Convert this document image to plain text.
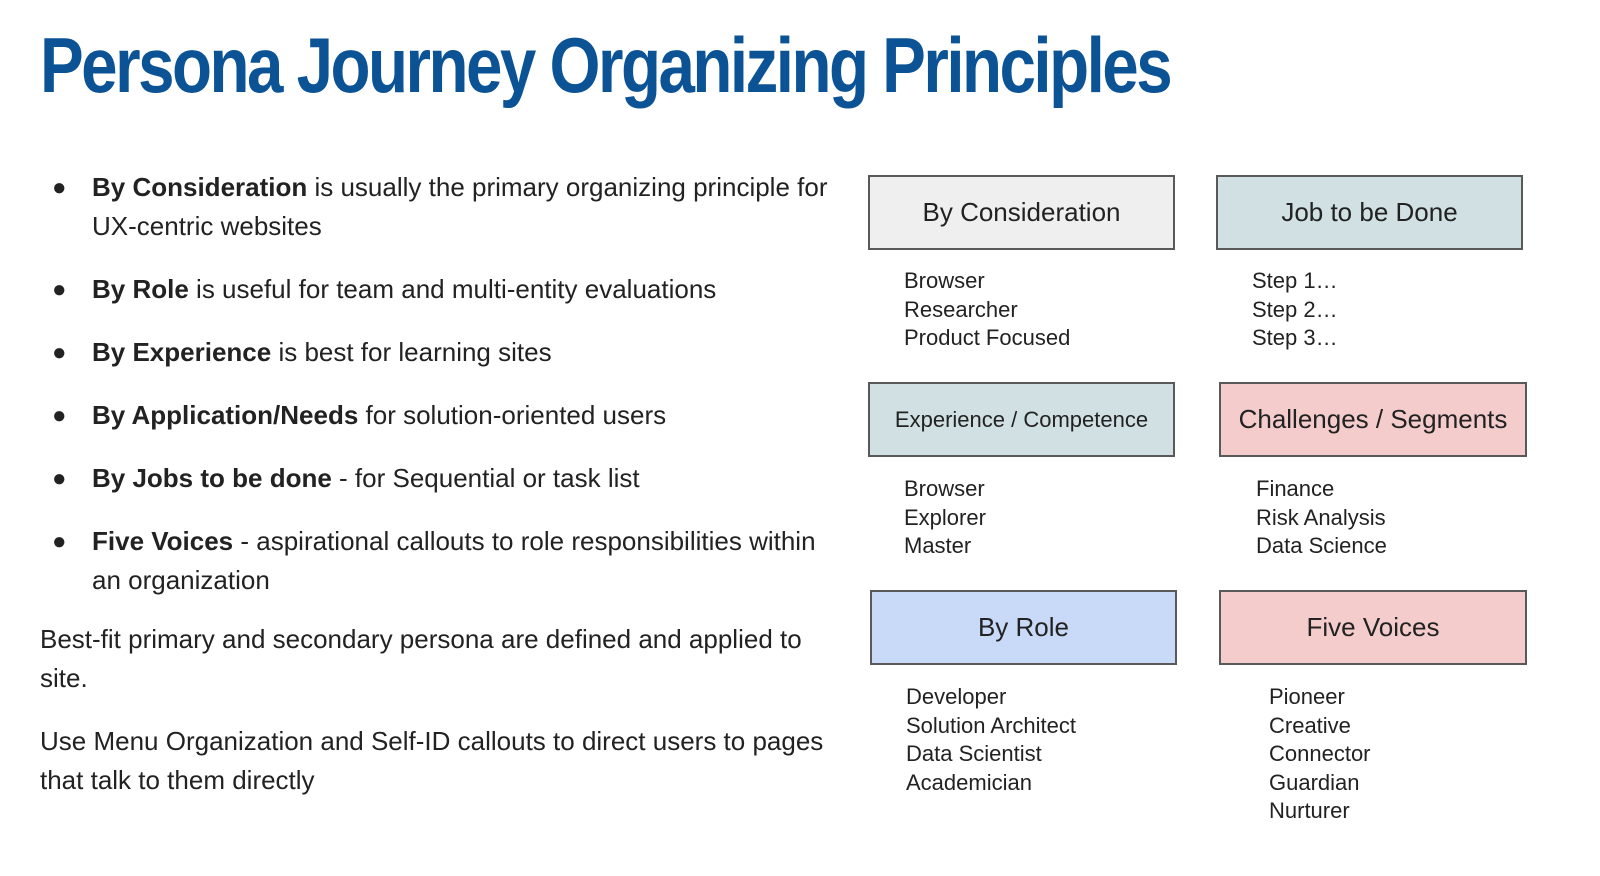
Persona Journey Organizing Principles
● By Consideration is usually the primary organizing principle for UX-centric websites
● By Role is useful for team and multi-entity evaluations
● By Experience is best for learning sites
● By Application/Needs for solution-oriented users
● By Jobs to be done - for Sequential or task list
● Five Voices - aspirational callouts to role responsibilities within an organization

Best-fit primary and secondary persona are defined and applied to site.

Use Menu Organization and Self-ID callouts to direct users to pages that talk to them directly

By Consideration
Browser
Researcher
Product Focused
Job to be Done
Step 1…
Step 2…
Step 3…
Experience / Competence
Browser
Explorer
Master
Challenges / Segments
Finance
Risk Analysis
Data Science
By Role
Developer
Solution Architect
Data Scientist
Academician
Five Voices
Pioneer
Creative
Connector
Guardian
Nurturer
